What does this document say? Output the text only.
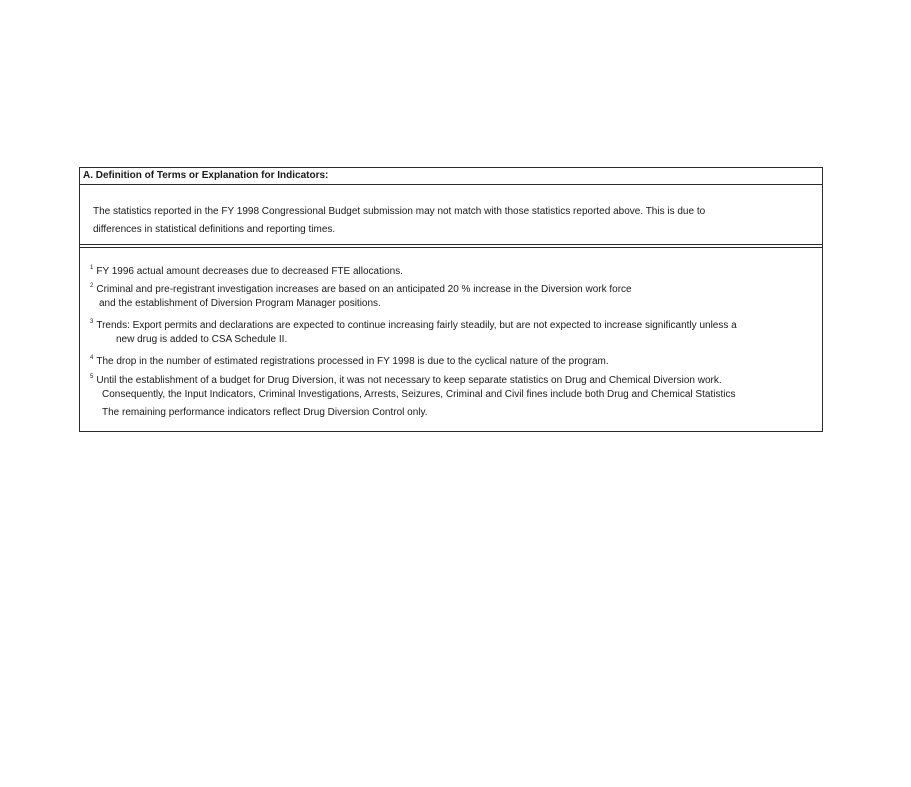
A. Definition of Terms or Explanation for Indicators:
The statistics reported in the FY 1998 Congressional Budget submission may not match with those statistics reported above. This is due to
differences in statistical definitions and reporting times.
$^1$ FY 1996 actual amount decreases due to decreased FTE allocations.
$^2$ Criminal and pre-registrant investigation increases are based on an anticipated 20 % increase in the Diversion work force
and the establishment of Diversion Program Manager positions.
$^3$ Trends: Export permits and declarations are expected to continue increasing fairly steadily, but are not expected to increase significantly unless a
new drug is added to CSA Schedule II.
$^4$ The drop in the number of estimated registrations processed in FY 1998 is due to the cyclical nature of the program.
$^5$ Until the establishment of a budget for Drug Diversion, it was not necessary to keep separate statistics on Drug and Chemical Diversion work.
Consequently, the Input Indicators, Criminal Investigations, Arrests, Seizures, Criminal and Civil fines include both Drug and Chemical Statistics
The remaining performance indicators reflect Drug Diversion Control only.
